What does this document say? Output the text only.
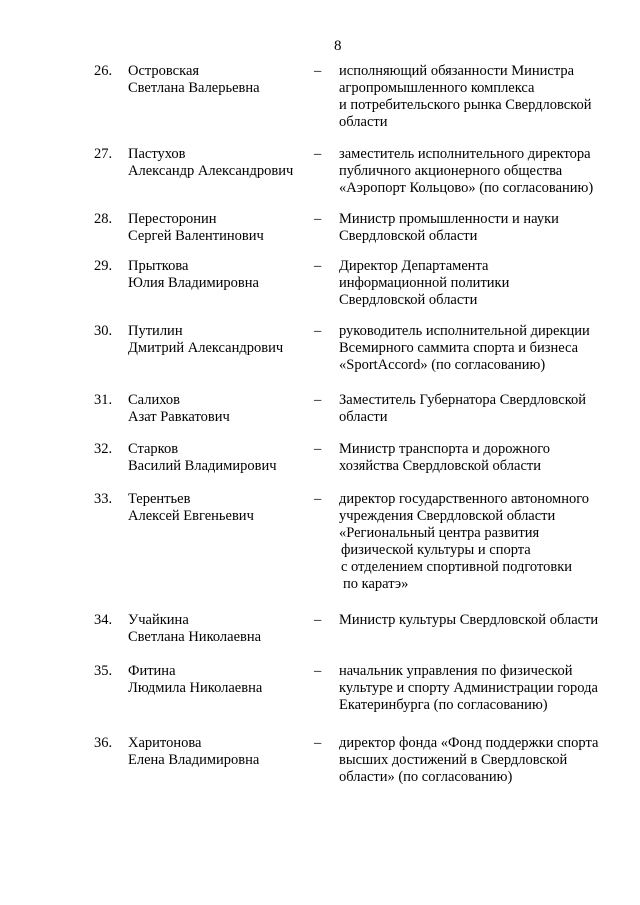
8
26. Островская
Светлана Валерьевна
– исполняющий обязанности Министра
агропромышленного комплекса
и потребительского рынка Свердловской
области
27. Пастухов
Александр Александрович
– заместитель исполнительного директора
публичного акционерного общества
«Аэропорт Кольцово» (по согласованию)
28. Пересторонин
Сергей Валентинович
– Министр промышленности и науки
Свердловской области
29. Прыткова
Юлия Владимировна
– Директор Департамента
информационной политики
Свердловской области
30. Путилин
Дмитрий Александрович
– руководитель исполнительной дирекции
Всемирного саммита спорта и бизнеса
«SportAccord» (по согласованию)
31. Салихов
Азат Равкатович
– Заместитель Губернатора Свердловской
области
32. Старков
Василий Владимирович
– Министр транспорта и дорожного
хозяйства Свердловской области
33. Терентьев
Алексей Евгеньевич
– директор государственного автономного
учреждения Свердловской области
«Региональный центра развития
физической культуры и спорта
с отделением спортивной подготовки
по каратэ»
34. Учайкина
Светлана Николаевна
– Министр культуры Свердловской области
35. Фитина
Людмила Николаевна
– начальник управления по физической
культуре и спорту Администрации города
Екатеринбурга (по согласованию)
36. Харитонова
Елена Владимировна
– директор фонда «Фонд поддержки спорта
высших достижений в Свердловской
области» (по согласованию)
